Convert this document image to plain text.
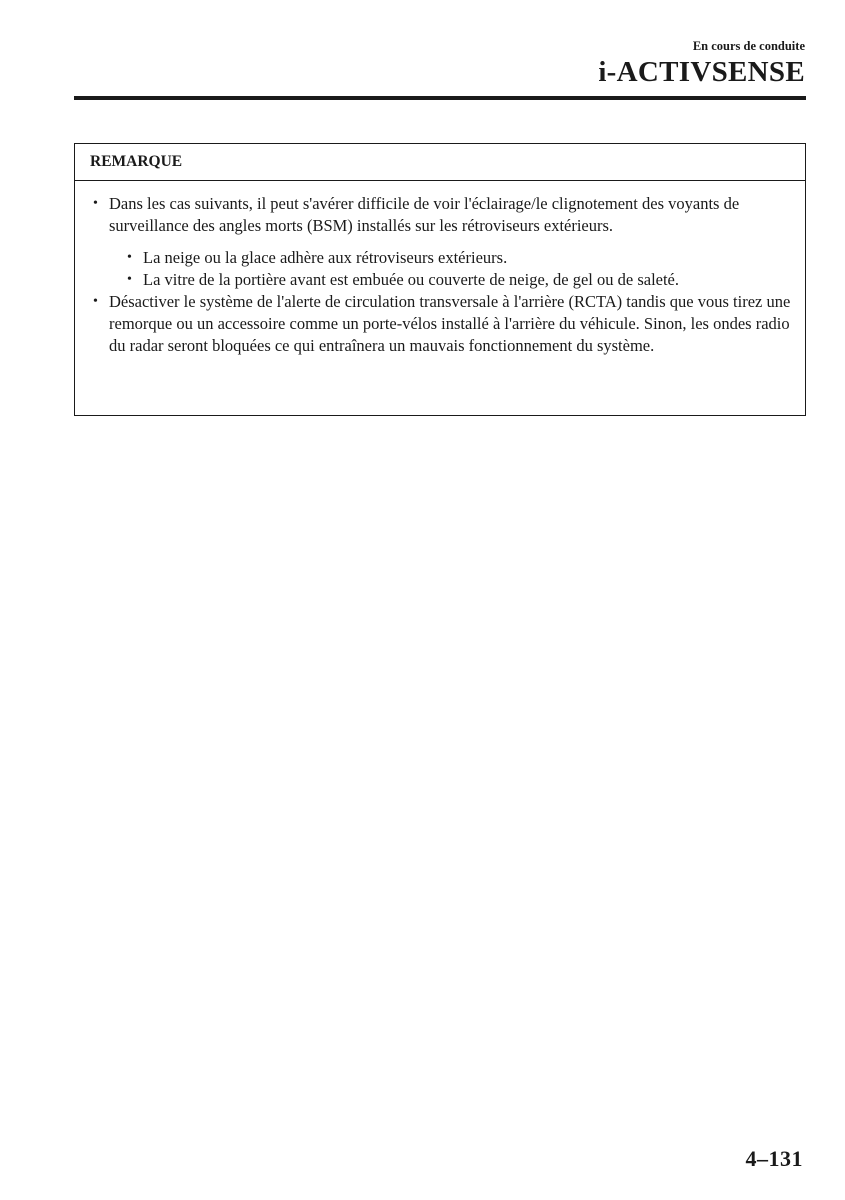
En cours de conduite
i-ACTIVSENSE
REMARQUE
• Dans les cas suivants, il peut s'avérer difficile de voir l'éclairage/le clignotement des voyants de surveillance des angles morts (BSM) installés sur les rétroviseurs extérieurs.
• La neige ou la glace adhère aux rétroviseurs extérieurs.
• La vitre de la portière avant est embuée ou couverte de neige, de gel ou de saleté.
• Désactiver le système de l'alerte de circulation transversale à l'arrière (RCTA) tandis que vous tirez une remorque ou un accessoire comme un porte-vélos installé à l'arrière du véhicule. Sinon, les ondes radio du radar seront bloquées ce qui entraînera un mauvais fonctionnement du système.
4–131
